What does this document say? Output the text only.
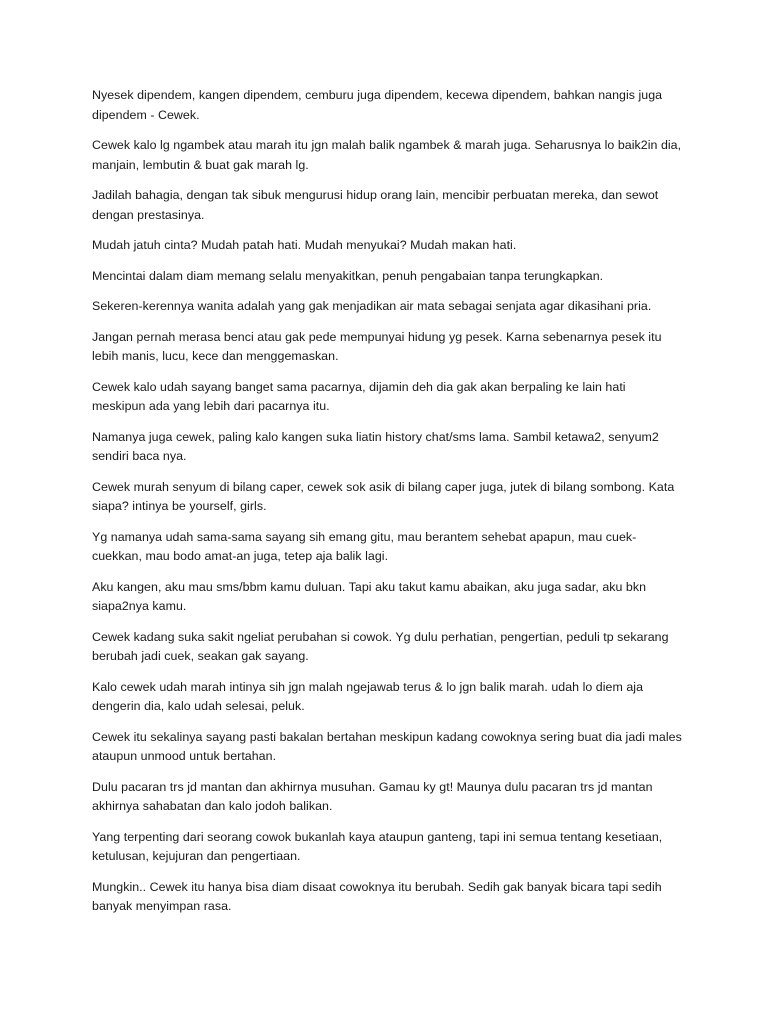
Nyesek dipendem, kangen dipendem, cemburu juga dipendem, kecewa dipendem, bahkan nangis juga dipendem - Cewek.

Cewek kalo lg ngambek atau marah itu jgn malah balik ngambek & marah juga. Seharusnya lo baik2in dia, manjain, lembutin & buat gak marah lg.

Jadilah bahagia, dengan tak sibuk mengurusi hidup orang lain, mencibir perbuatan mereka, dan sewot dengan prestasinya.

Mudah jatuh cinta? Mudah patah hati. Mudah menyukai? Mudah makan hati.

Mencintai dalam diam memang selalu menyakitkan, penuh pengabaian tanpa terungkapkan.

Sekeren-kerennya wanita adalah yang gak menjadikan air mata sebagai senjata agar dikasihani pria.

Jangan pernah merasa benci atau gak pede mempunyai hidung yg pesek. Karna sebenarnya pesek itu lebih manis, lucu, kece dan menggemaskan.

Cewek kalo udah sayang banget sama pacarnya, dijamin deh dia gak akan berpaling ke lain hati meskipun ada yang lebih dari pacarnya itu.

Namanya juga cewek, paling kalo kangen suka liatin history chat/sms lama. Sambil ketawa2, senyum2 sendiri baca nya.

Cewek murah senyum di bilang caper, cewek sok asik di bilang caper juga, jutek di bilang sombong. Kata siapa? intinya be yourself, girls.

Yg namanya udah sama-sama sayang sih emang gitu, mau berantem sehebat apapun, mau cuek-cuekkan, mau bodo amat-an juga, tetep aja balik lagi.

Aku kangen, aku mau sms/bbm kamu duluan. Tapi aku takut kamu abaikan, aku juga sadar, aku bkn siapa2nya kamu.

Cewek kadang suka sakit ngeliat perubahan si cowok. Yg dulu perhatian, pengertian, peduli tp sekarang berubah jadi cuek, seakan gak sayang.

Kalo cewek udah marah intinya sih jgn malah ngejawab terus & lo jgn balik marah. udah lo diem aja dengerin dia, kalo udah selesai, peluk.

Cewek itu sekalinya sayang pasti bakalan bertahan meskipun kadang cowoknya sering buat dia jadi males ataupun unmood untuk bertahan.

Dulu pacaran trs jd mantan dan akhirnya musuhan. Gamau ky gt! Maunya dulu pacaran trs jd mantan akhirnya sahabatan dan kalo jodoh balikan.

Yang terpenting dari seorang cowok bukanlah kaya ataupun ganteng, tapi ini semua tentang kesetiaan, ketulusan, kejujuran dan pengertiaan.

Mungkin.. Cewek itu hanya bisa diam disaat cowoknya itu berubah. Sedih gak banyak bicara tapi sedih banyak menyimpan rasa.
